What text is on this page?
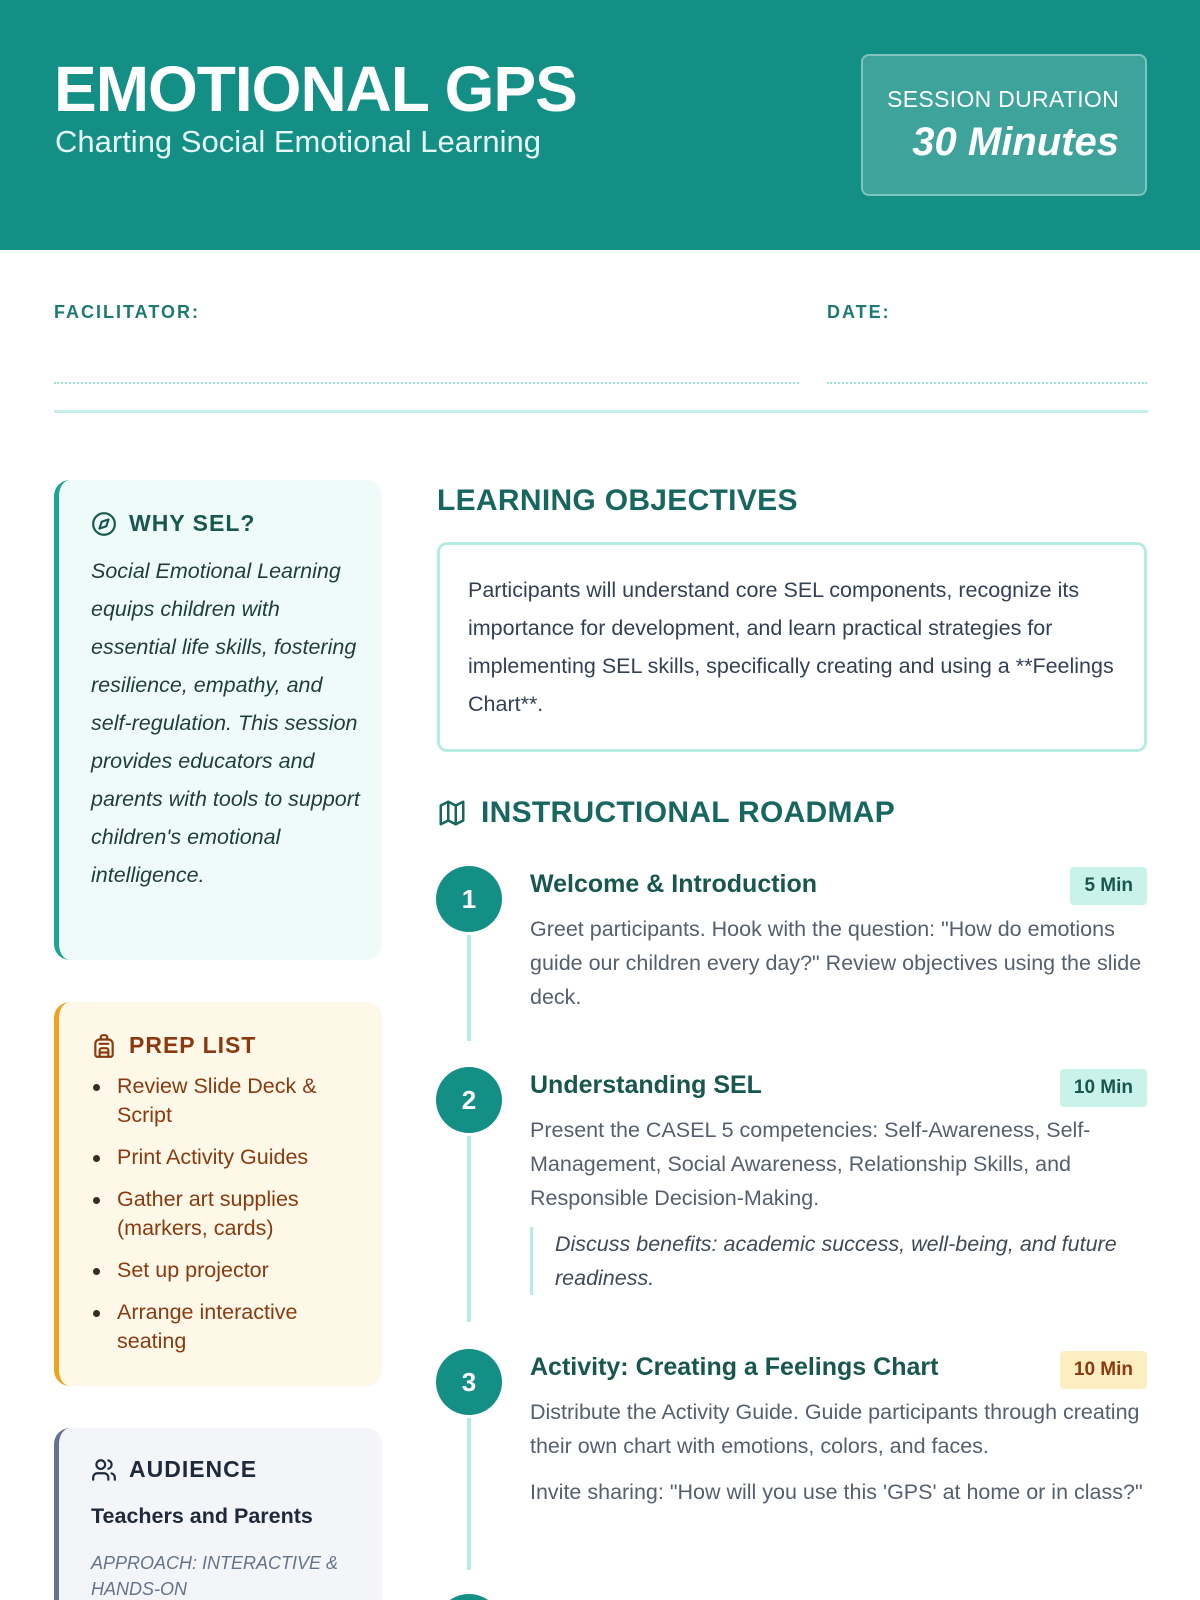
EMOTIONAL GPS
Charting Social Emotional Learning
SESSION DURATION
30 Minutes
FACILITATOR:	DATE:
WHY SEL?
Social Emotional Learning equips children with essential life skills, fostering resilience, empathy, and self-regulation. This session provides educators and parents with tools to support children's emotional intelligence.
PREP LIST
Review Slide Deck & Script
Print Activity Guides
Gather art supplies (markers, cards)
Set up projector
Arrange interactive seating
AUDIENCE
Teachers and Parents
APPROACH: INTERACTIVE & HANDS-ON
LEARNING OBJECTIVES
Participants will understand core SEL components, recognize its importance for development, and learn practical strategies for implementing SEL skills, specifically creating and using a **Feelings Chart**.
INSTRUCTIONAL ROADMAP
1	Welcome & Introduction	5 Min
Greet participants. Hook with the question: "How do emotions guide our children every day?" Review objectives using the slide deck.
2	Understanding SEL	10 Min
Present the CASEL 5 competencies: Self-Awareness, Self-Management, Social Awareness, Relationship Skills, and Responsible Decision-Making.
Discuss benefits: academic success, well-being, and future readiness.
3	Activity: Creating a Feelings Chart	10 Min
Distribute the Activity Guide. Guide participants through creating their own chart with emotions, colors, and faces.
Invite sharing: "How will you use this 'GPS' at home or in class?"
